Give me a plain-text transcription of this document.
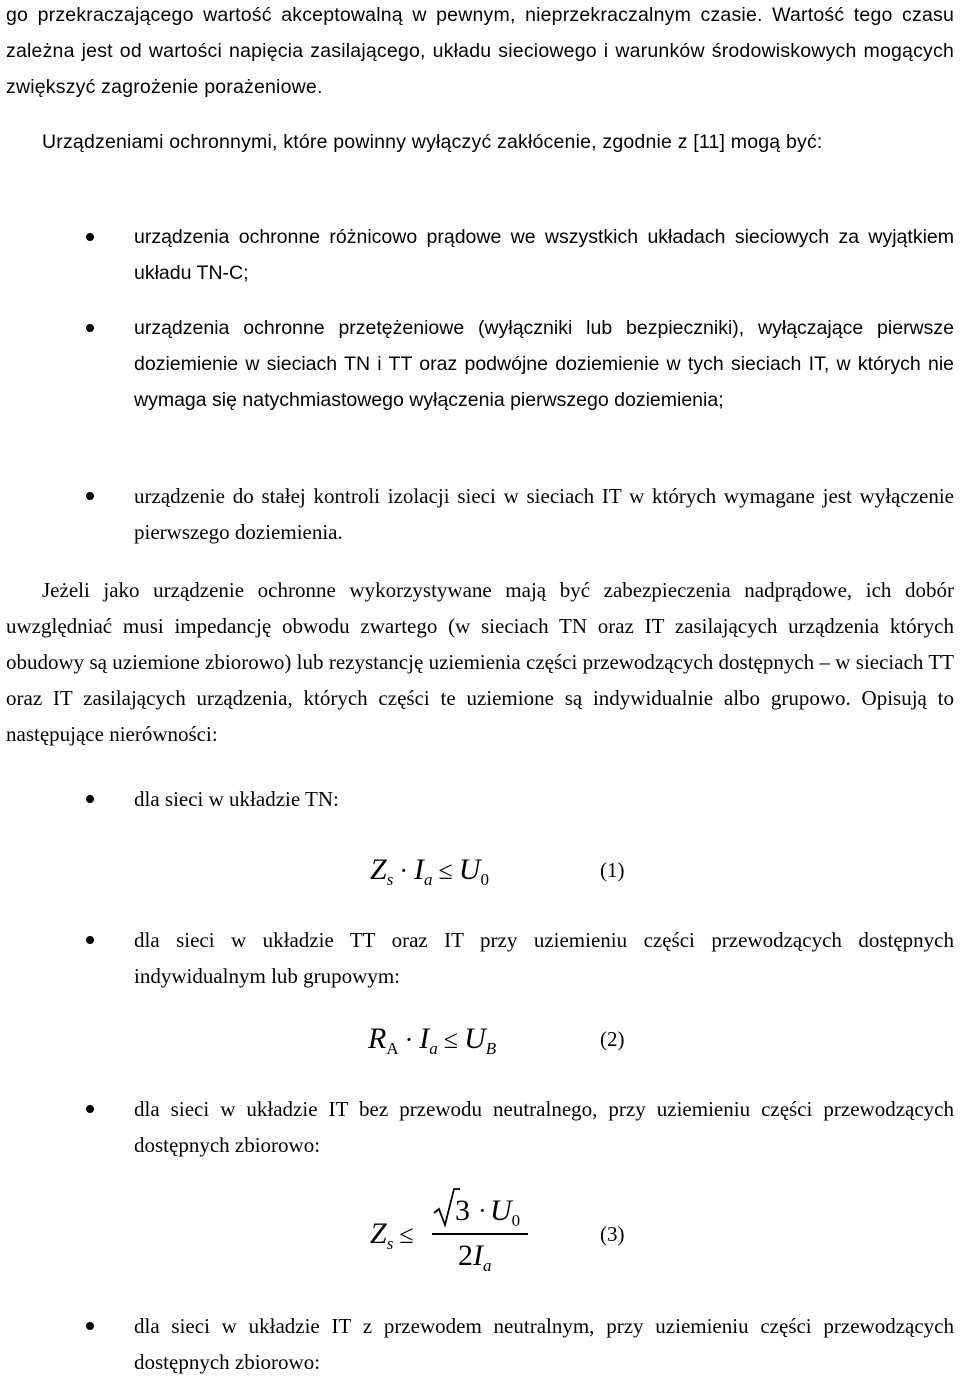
go przekraczającego wartość akceptowalną w pewnym, nieprzekraczalnym czasie. Wartość tego czasu zależna jest od wartości napięcia zasilającego, układu sieciowego i warunków środowiskowych mogących zwiększyć zagrożenie porażeniowe.

Urządzeniami ochronnymi, które powinny wyłączyć zakłócenie, zgodnie z [11] mogą być:

urządzenia ochronne różnicowo prądowe we wszystkich układach sieciowych za wyjątkiem układu TN-C;

urządzenia ochronne przetężeniowe (wyłączniki lub bezpieczniki), wyłączające pierwsze doziemienie w sieciach TN i TT oraz podwójne doziemienie w tych sieciach IT, w których nie wymaga się natychmiastowego wyłączenia pierwszego doziemienia;

urządzenie do stałej kontroli izolacji sieci w sieciach IT w których wymagane jest wyłączenie pierwszego doziemienia.

Jeżeli jako urządzenie ochronne wykorzystywane mają być zabezpieczenia nadprądowe, ich dobór uwzględniać musi impedancję obwodu zwartego (w sieciach TN oraz IT zasilających urządzenia których obudowy są uziemione zbiorowo) lub rezystancję uziemienia części przewodzących dostępnych – w sieciach TT oraz IT zasilających urządzenia, których części te uziemione są indywidualnie albo grupowo. Opisują to następujące nierówności:

dla sieci w układzie TN:

$Z_s \cdot I_a \le U_0$	(1)

dla sieci w układzie TT oraz IT przy uziemieniu części przewodzących dostępnych indywidualnym lub grupowym:

$R_A \cdot I_a \le U_B$	(2)

dla sieci w układzie IT bez przewodu neutralnego, przy uziemieniu części przewodzących dostępnych zbiorowo:

$Z_s$ ≤
$3 \cdot U_0$
$2I_a$
(3)

dla sieci w układzie IT z przewodem neutralnym, przy uziemieniu części przewodzących dostępnych zbiorowo:
